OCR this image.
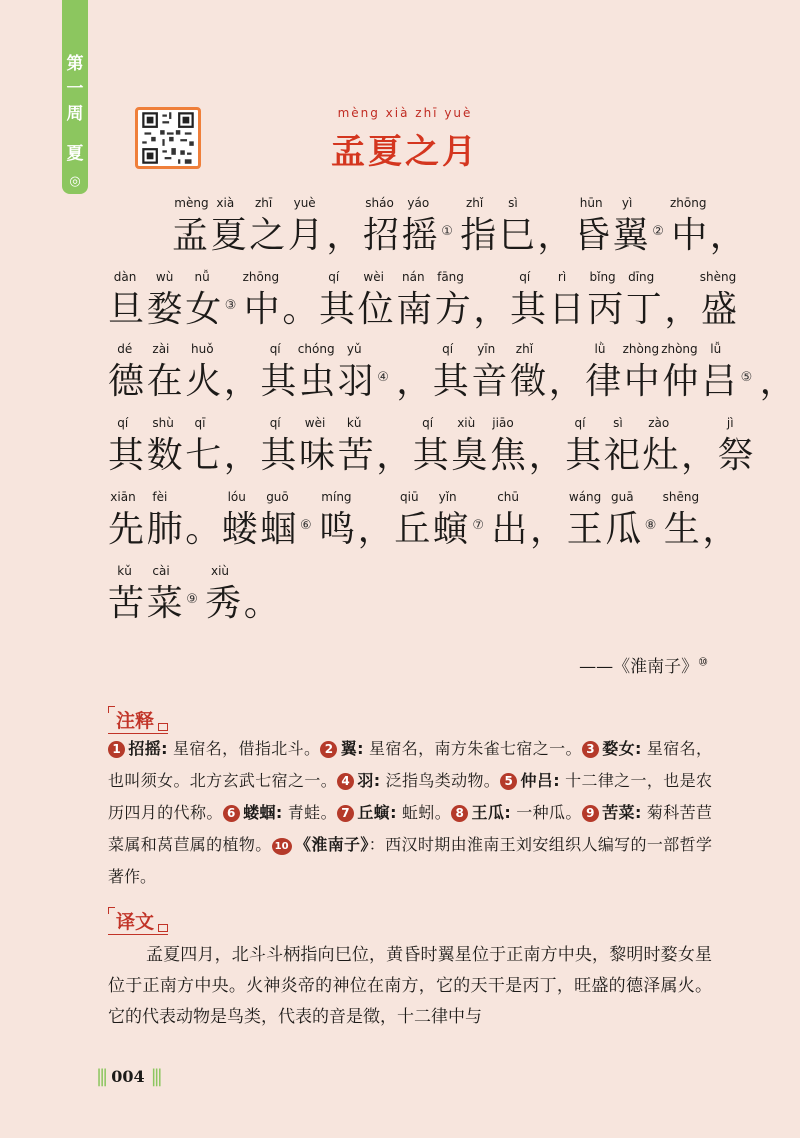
第
一
周
夏
◎
mèng xià zhī yuè
孟夏之月
孟
mèng
夏
xià
之
zhī
月
yuè
， 招
sháo
摇
yáo
① 指
zhǐ
巳
sì
， 昏
hūn
翼
yì
② 中
zhōng
，
旦
dàn
婺
wù
女
nǚ
③ 中
zhōng
。 其
qí
位
wèi
南
nán
方
fāng
， 其
qí
日
rì
丙
bǐng
丁
dīng
， 盛
shèng
德
dé
在
zài
火
huǒ
， 其
qí
虫
chóng
羽
yǔ
④ ， 其
qí
音
yīn
徵
zhǐ
， 律
lǜ
中
zhòng
仲
zhòng
吕
lǚ
⑤ ，
其
qí
数
shù
七
qī
， 其
qí
味
wèi
苦
kǔ
， 其
qí
臭
xiù
焦
jiāo
， 其
qí
祀
sì
灶
zào
， 祭
jì
先
xiān
肺
fèi
。 蝼
lóu
蝈
guō
⑥ 鸣
míng
， 丘
qiū
螾
yǐn
⑦ 出
chū
， 王
wáng
瓜
guā
⑧ 生
shēng
，
苦
kǔ
菜
cài
⑨ 秀
xiù
。
——《淮南子》⑩
注释
1 招摇: 星宿名，借指北斗。 2 翼: 星宿名，南方朱雀七宿之一。 3 婺女: 星宿名，也叫须女。北方玄武七宿之一。 4 羽: 泛指鸟类动物。 5 仲吕: 十二律之一，也是农历四月的代称。 6 蝼蝈: 青蛙。 7 丘螾: 蚯蚓。 8 王瓜: 一种瓜。 9 苦菜: 菊科苦苣菜属和莴苣属的植物。 10 《淮南子》：西汉时期由淮南王刘安组织人编写的一部哲学著作。
译文
孟夏四月，北斗斗柄指向巳位，黄昏时翼星位于正南方中央，黎明时婺女星位于正南方中央。火神炎帝的神位在南方，它的天干是丙丁，旺盛的德泽属火。它的代表动物是鸟类，代表的音是徵，十二律中与
||| 004 |||
